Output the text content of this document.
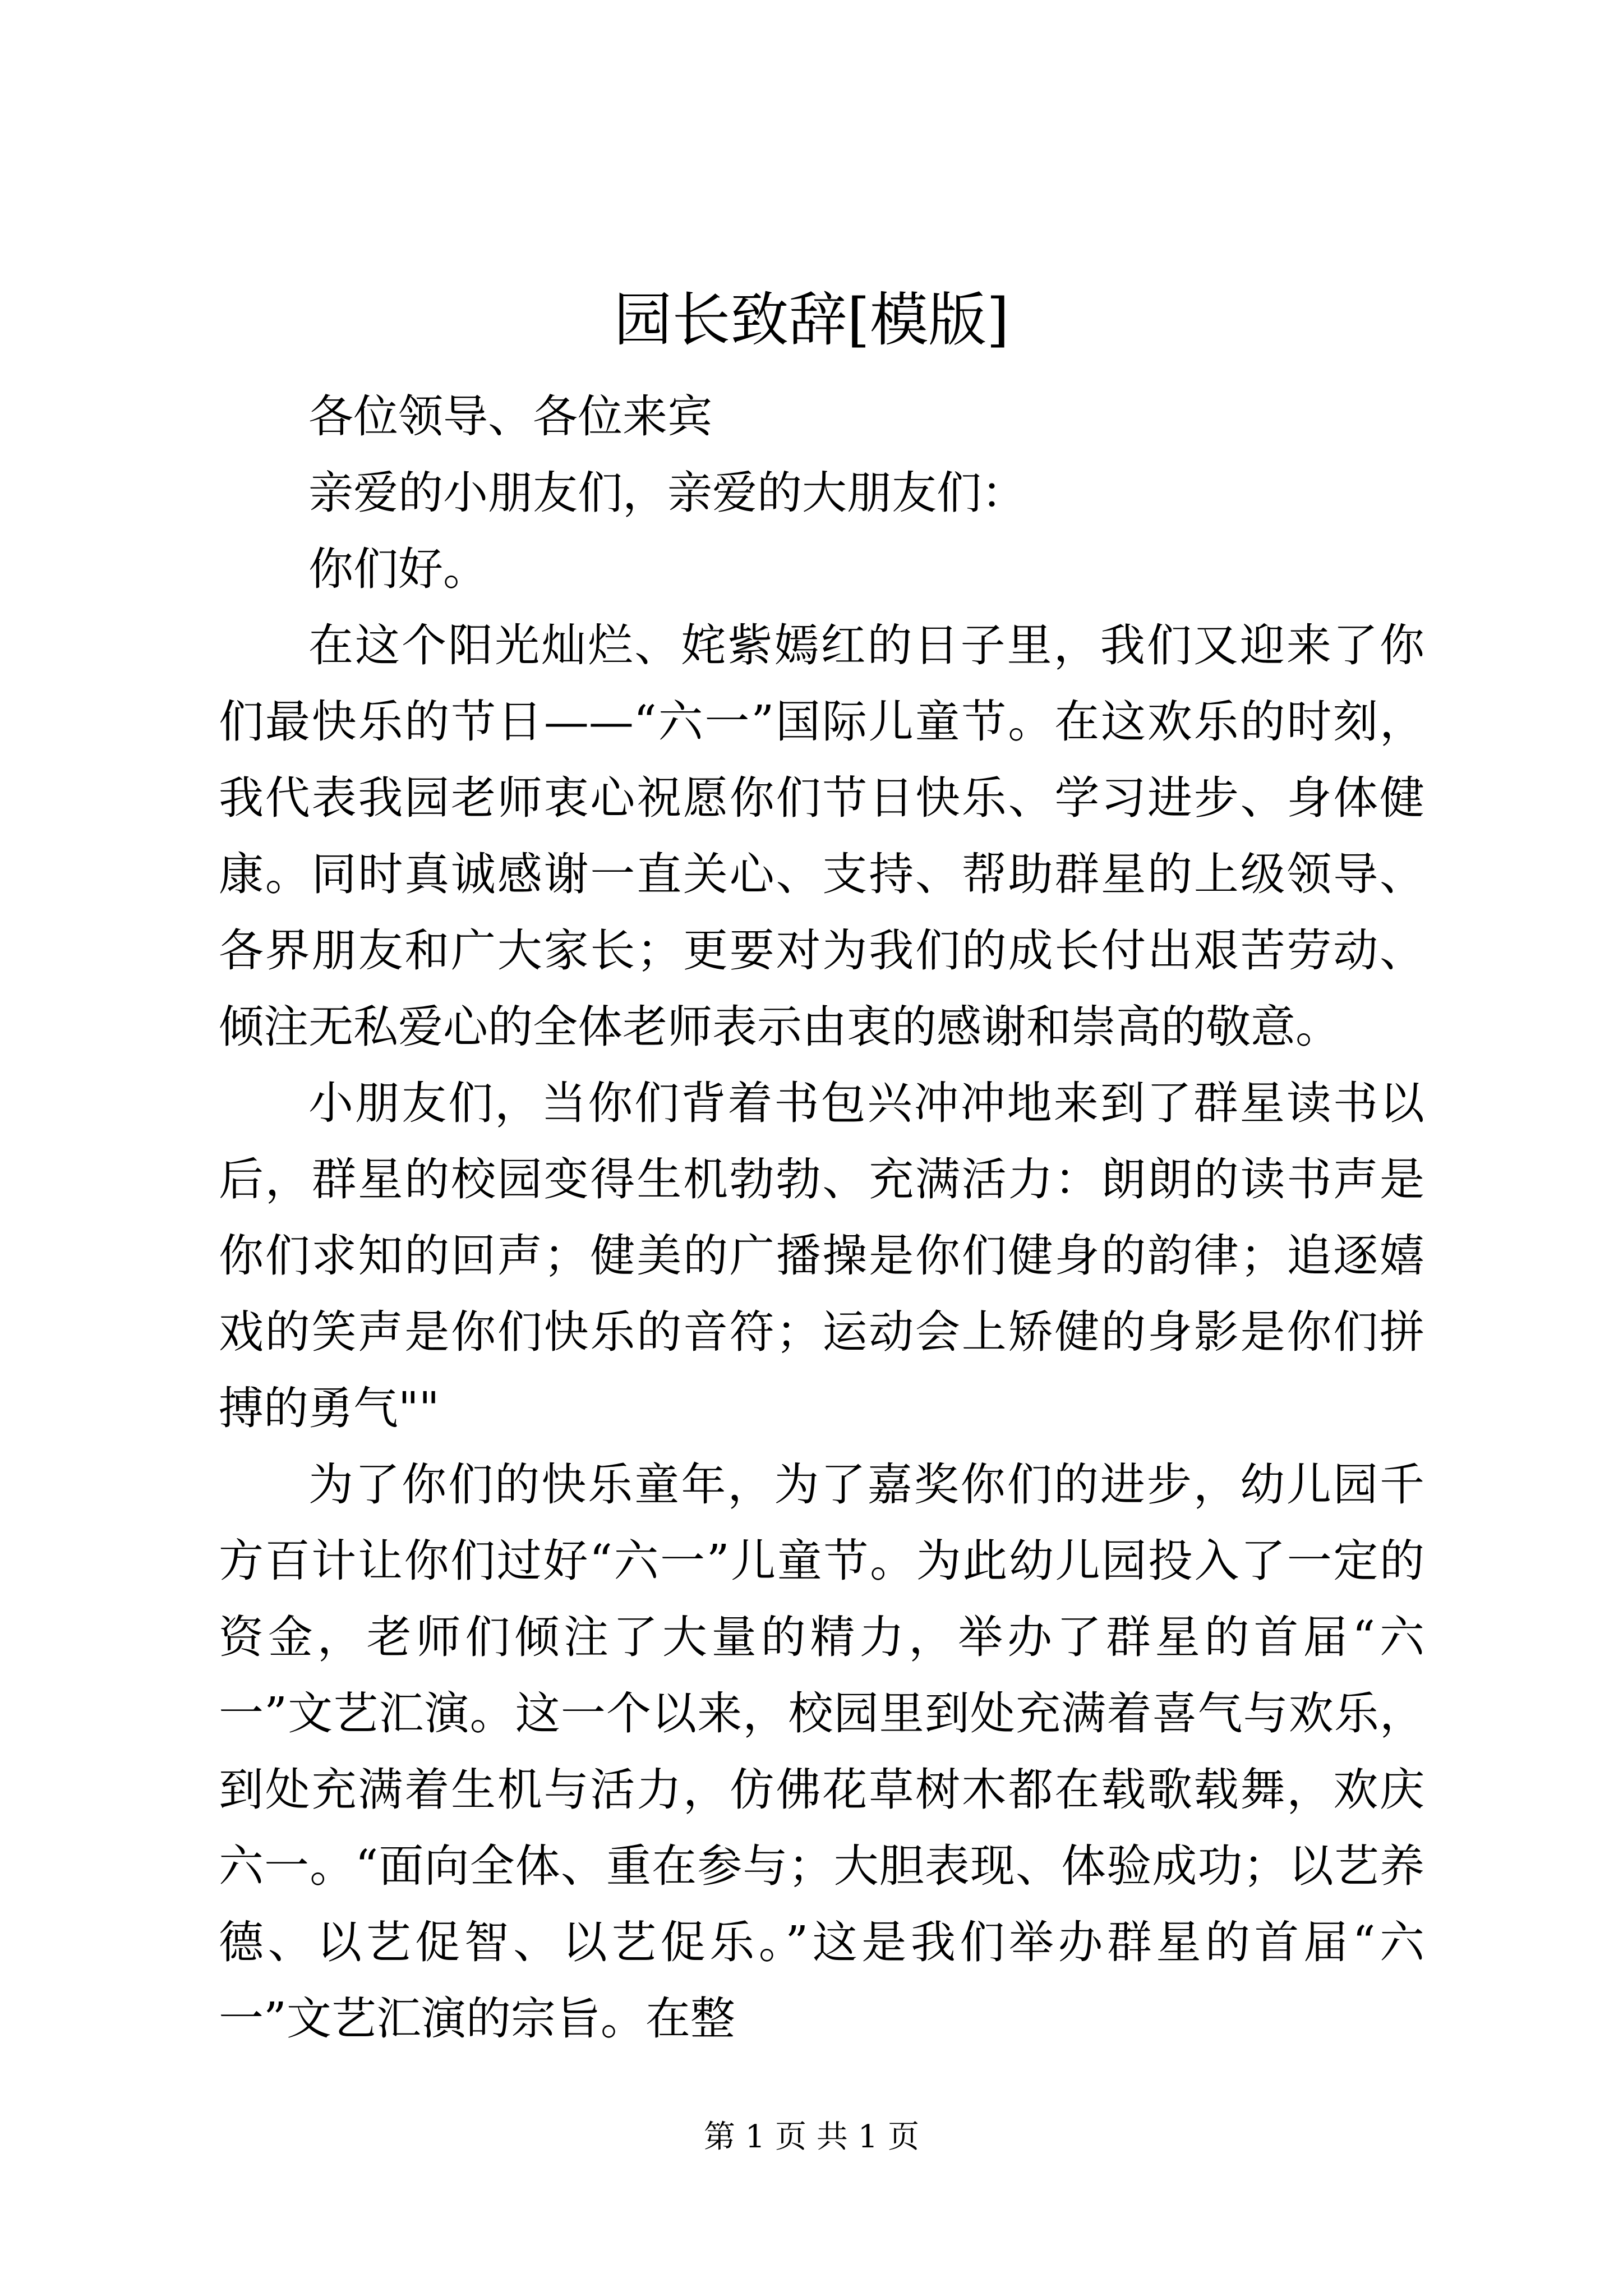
园长致辞[模版]

各位领导、各位来宾

亲爱的小朋友们，亲爱的大朋友们：

你们好。

在这个阳光灿烂、姹紫嫣红的日子里，我们又迎来了你们最快乐的节日——“六一”国际儿童节。在这欢乐的时刻，我代表我园老师衷心祝愿你们节日快乐、学习进步、身体健康。同时真诚感谢一直关心、支持、帮助群星的上级领导、各界朋友和广大家长；更要对为我们的成长付出艰苦劳动、倾注无私爱心的全体老师表示由衷的感谢和崇高的敬意。

小朋友们，当你们背着书包兴冲冲地来到了群星读书以后，群星的校园变得生机勃勃、充满活力：朗朗的读书声是你们求知的回声；健美的广播操是你们健身的韵律；追逐嬉戏的笑声是你们快乐的音符；运动会上矫健的身影是你们拼搏的勇气""

为了你们的快乐童年，为了嘉奖你们的进步，幼儿园千方百计让你们过好“六一”儿童节。为此幼儿园投入了一定的资金，老师们倾注了大量的精力，举办了群星的首届“六一”文艺汇演。这一个以来，校园里到处充满着喜气与欢乐，到处充满着生机与活力，仿佛花草树木都在载歌载舞，欢庆六一。“面向全体、重在参与；大胆表现、体验成功；以艺养德、以艺促智、以艺促乐。”这是我们举办群星的首届“六一”文艺汇演的宗旨。在整

第 1 页 共 1 页
